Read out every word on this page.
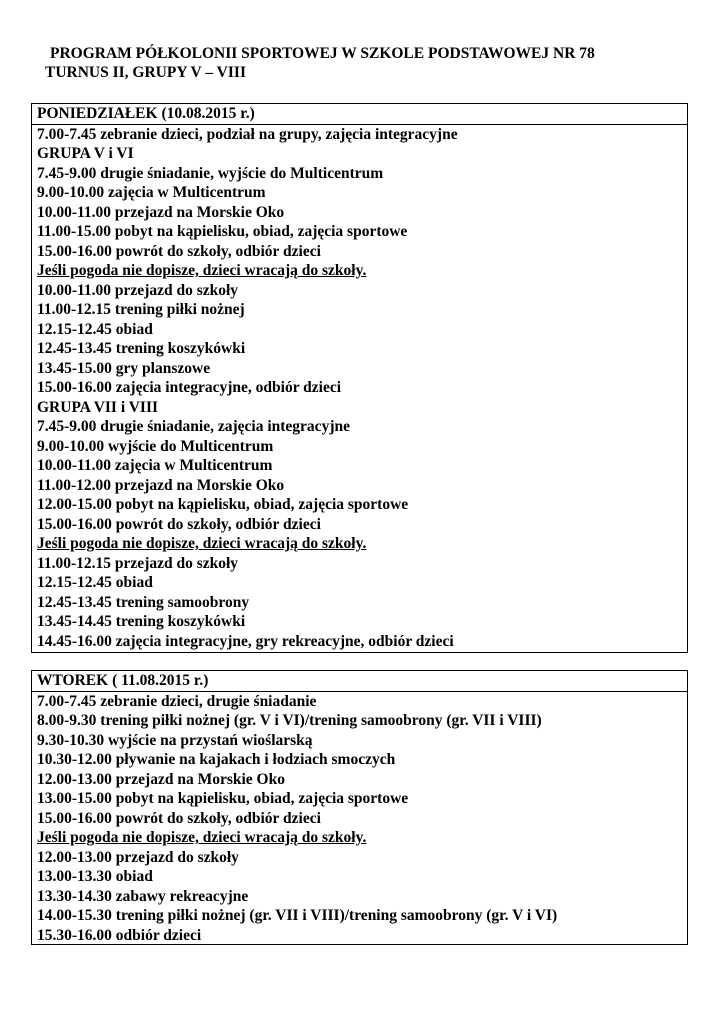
PROGRAM PÓŁKOLONII SPORTOWEJ W SZKOLE PODSTAWOWEJ NR 78
TURNUS II, GRUPY V – VIII
PONIEDZIAŁEK (10.08.2015 r.)
7.00-7.45 zebranie dzieci, podział na grupy, zajęcia integracyjne
GRUPA V i VI
7.45-9.00 drugie śniadanie, wyjście do Multicentrum
9.00-10.00 zajęcia w Multicentrum
10.00-11.00 przejazd na Morskie Oko
11.00-15.00 pobyt na kąpielisku, obiad, zajęcia sportowe
15.00-16.00 powrót do szkoły, odbiór dzieci
Jeśli pogoda nie dopisze, dzieci wracają do szkoły.
10.00-11.00 przejazd do szkoły
11.00-12.15 trening piłki nożnej
12.15-12.45 obiad
12.45-13.45 trening koszykówki
13.45-15.00 gry planszowe
15.00-16.00 zajęcia integracyjne, odbiór dzieci
GRUPA VII i VIII
7.45-9.00 drugie śniadanie, zajęcia integracyjne
9.00-10.00 wyjście do Multicentrum
10.00-11.00 zajęcia w Multicentrum
11.00-12.00 przejazd na Morskie Oko
12.00-15.00 pobyt na kąpielisku, obiad, zajęcia sportowe
15.00-16.00 powrót do szkoły, odbiór dzieci
Jeśli pogoda nie dopisze, dzieci wracają do szkoły.
11.00-12.15 przejazd do szkoły
12.15-12.45 obiad
12.45-13.45 trening samoobrony
13.45-14.45 trening koszykówki
14.45-16.00 zajęcia integracyjne, gry rekreacyjne, odbiór dzieci
WTOREK ( 11.08.2015 r.)
7.00-7.45 zebranie dzieci, drugie śniadanie
8.00-9.30 trening piłki nożnej (gr. V i VI)/trening samoobrony (gr. VII i VIII)
9.30-10.30 wyjście na przystań wioślarską
10.30-12.00 pływanie na kajakach i łodziach smoczych
12.00-13.00 przejazd na Morskie Oko
13.00-15.00 pobyt na kąpielisku, obiad, zajęcia sportowe
15.00-16.00 powrót do szkoły, odbiór dzieci
Jeśli pogoda nie dopisze, dzieci wracają do szkoły.
12.00-13.00 przejazd do szkoły
13.00-13.30 obiad
13.30-14.30 zabawy rekreacyjne
14.00-15.30 trening piłki nożnej (gr. VII i VIII)/trening samoobrony (gr. V i VI)
15.30-16.00 odbiór dzieci
